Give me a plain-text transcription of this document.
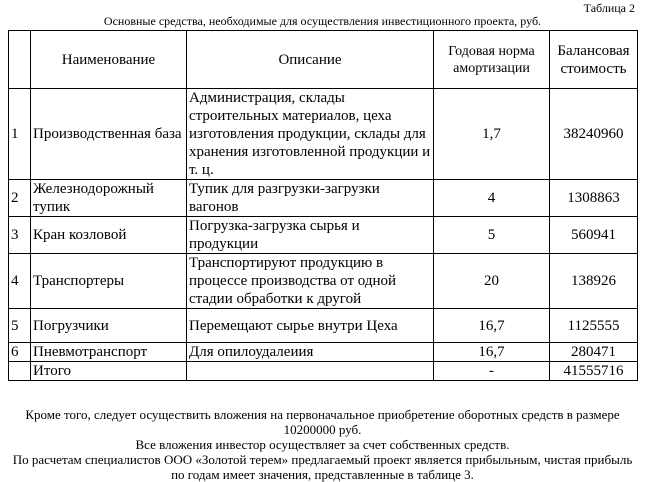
Таблица 2
Основные средства, необходимые для осуществления инвестиционного проекта, руб.
	Наименование	Описание	Годовая норма амортизации	Балансовая стоимость
1	Производственная база	Администрация, склады строительных материалов, цеха изготовления продукции, склады для хранения изготовленной продукции и т. ц.	1,7	38240960
2	Железнодорожный тупик	Тупик для разгрузки-загрузки вагонов	4	1308863
3	Кран козловой	Погрузка-загрузка сырья и продукции	5	560941
4	Транспортеры	Транспортируют продукцию в процессе производства от одной стадии обработки к другой	20	138926
5	Погрузчики	Перемещают сырье внутри Цеха	16,7	1125555
6	Пневмотранспорт	Для опилоудалеиия	16,7	280471
	Итого		-	41555716

Кроме того, следует осуществить вложения на первоначальное приобретение оборотных средств в размере 10200000 руб.

Все вложения инвестор осуществляет за счет собственных средств.

По расчетам специалистов ООО «Золотой терем» предлагаемый проект является прибыльным, чистая прибыль по годам имеет значения, представленные в таблице 3.
